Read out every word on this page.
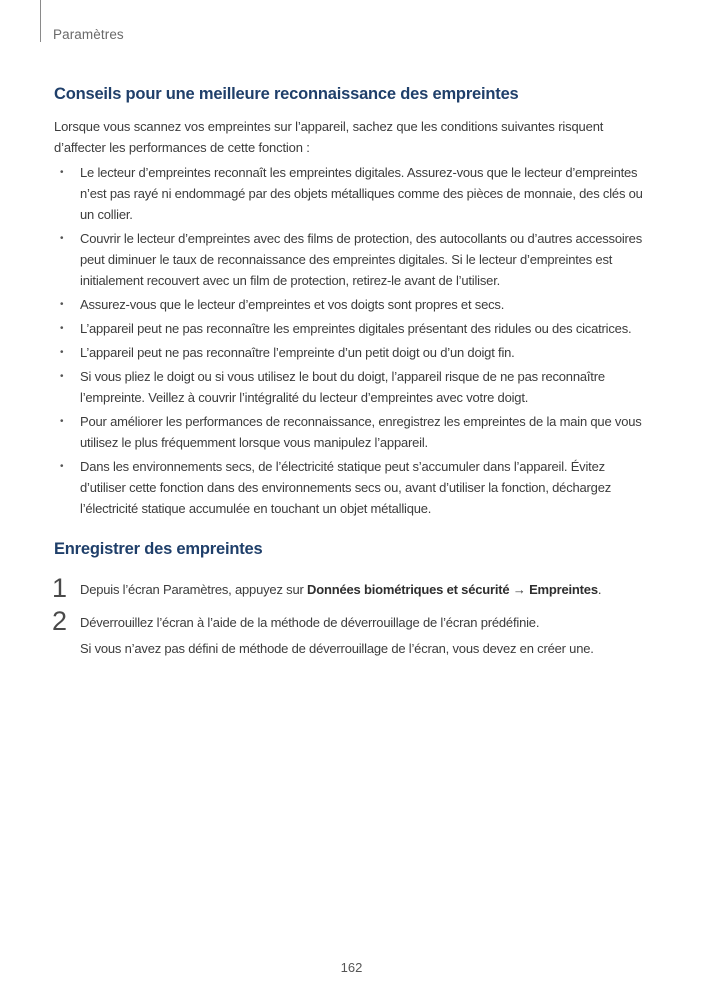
Paramètres
Conseils pour une meilleure reconnaissance des empreintes

Lorsque vous scannez vos empreintes sur l’appareil, sachez que les conditions suivantes risquent d’affecter les performances de cette fonction :

• Le lecteur d’empreintes reconnaît les empreintes digitales. Assurez-vous que le lecteur d’empreintes n’est pas rayé ni endommagé par des objets métalliques comme des pièces de monnaie, des clés ou un collier.
• Couvrir le lecteur d’empreintes avec des films de protection, des autocollants ou d’autres accessoires peut diminuer le taux de reconnaissance des empreintes digitales. Si le lecteur d’empreintes est initialement recouvert avec un film de protection, retirez-le avant de l’utiliser.
• Assurez-vous que le lecteur d’empreintes et vos doigts sont propres et secs.
• L’appareil peut ne pas reconnaître les empreintes digitales présentant des ridules ou des cicatrices.
• L’appareil peut ne pas reconnaître l’empreinte d’un petit doigt ou d’un doigt fin.
• Si vous pliez le doigt ou si vous utilisez le bout du doigt, l’appareil risque de ne pas reconnaître l’empreinte. Veillez à couvrir l’intégralité du lecteur d’empreintes avec votre doigt.
• Pour améliorer les performances de reconnaissance, enregistrez les empreintes de la main que vous utilisez le plus fréquemment lorsque vous manipulez l’appareil.
• Dans les environnements secs, de l’électricité statique peut s’accumuler dans l’appareil. Évitez d’utiliser cette fonction dans des environnements secs ou, avant d’utiliser la fonction, déchargez l’électricité statique accumulée en touchant un objet métallique.
Enregistrer des empreintes
1 Depuis l’écran Paramètres, appuyez sur Données biométriques et sécurité → Empreintes.
2 Déverrouillez l’écran à l’aide de la méthode de déverrouillage de l’écran prédéfinie.

Si vous n’avez pas défini de méthode de déverrouillage de l’écran, vous devez en créer une.

162
